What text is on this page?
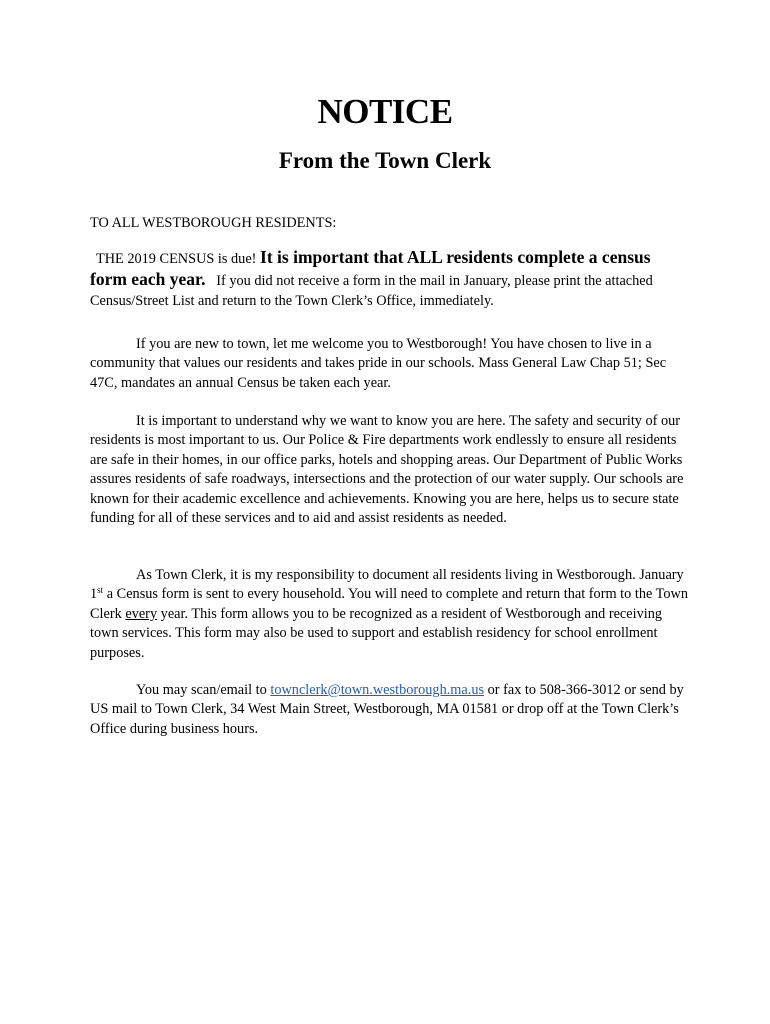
NOTICE
From the Town Clerk
TO ALL WESTBOROUGH RESIDENTS:
THE 2019 CENSUS is due! It is important that ALL residents complete a census form each year. If you did not receive a form in the mail in January, please print the attached Census/Street List and return to the Town Clerk’s Office, immediately.
If you are new to town, let me welcome you to Westborough! You have chosen to live in a community that values our residents and takes pride in our schools. Mass General Law Chap 51; Sec 47C, mandates an annual Census be taken each year.
It is important to understand why we want to know you are here. The safety and security of our residents is most important to us. Our Police & Fire departments work endlessly to ensure all residents are safe in their homes, in our office parks, hotels and shopping areas. Our Department of Public Works assures residents of safe roadways, intersections and the protection of our water supply. Our schools are known for their academic excellence and achievements. Knowing you are here, helps us to secure state funding for all of these services and to aid and assist residents as needed.
As Town Clerk, it is my responsibility to document all residents living in Westborough. January 1st a Census form is sent to every household. You will need to complete and return that form to the Town Clerk every year. This form allows you to be recognized as a resident of Westborough and receiving town services. This form may also be used to support and establish residency for school enrollment purposes.
You may scan/email to townclerk@town.westborough.ma.us or fax to 508-366-3012 or send by US mail to Town Clerk, 34 West Main Street, Westborough, MA 01581 or drop off at the Town Clerk’s Office during business hours.
